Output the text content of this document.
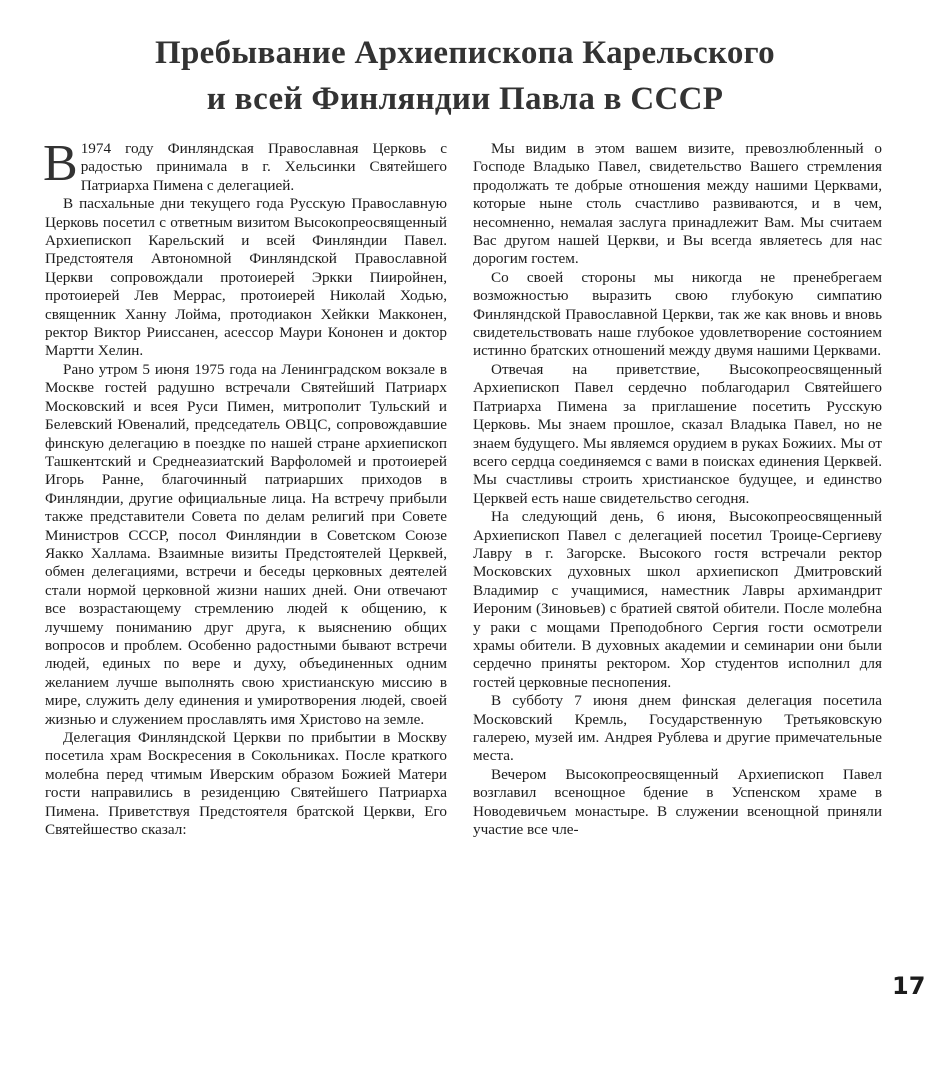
Пребывание Архиепископа Карельского
и всей Финляндии Павла в СССР

В 1974 году Финляндская Православная Церковь с радостью принимала в г. Хельсинки Святейшего Патриарха Пимена с делегацией.

В пасхальные дни текущего года Русскую Православную Церковь посетил с ответным визитом Высокопреосвященный Архиепископ Карельский и всей Финляндии Павел. Предстоятеля Автономной Финляндской Православной Церкви сопровождали протоиерей Эркки Пииройнен, протоиерей Лев Меррас, протоиерей Николай Ходью, священник Ханну Лойма, протодиакон Хейкки Макконен, ректор Виктор Рииссанен, асессор Маури Кононен и доктор Мартти Хелин.

Рано утром 5 июня 1975 года на Ленинградском вокзале в Москве гостей радушно встречали Святейший Патриарх Московский и всея Руси Пимен, митрополит Тульский и Белевский Ювеналий, председатель ОВЦС, сопровождавшие финскую делегацию в поездке по нашей стране архиепископ Ташкентский и Среднеазиатский Варфоломей и протоиерей Игорь Ранне, благочинный патриарших приходов в Финляндии, другие официальные лица. На встречу прибыли также представители Совета по делам религий при Совете Министров СССР, посол Финляндии в Советском Союзе Яакко Халлама. Взаимные визиты Предстоятелей Церквей, обмен делегациями, встречи и беседы церковных деятелей стали нормой церковной жизни наших дней. Они отвечают все возрастающему стремлению людей к общению, к лучшему пониманию друг друга, к выяснению общих вопросов и проблем. Особенно радостными бывают встречи людей, единых по вере и духу, объединенных одним желанием лучше выполнять свою христианскую миссию в мире, служить делу единения и умиротворения людей, своей жизнью и служением прославлять имя Христово на земле.

Делегация Финляндской Церкви по прибытии в Москву посетила храм Воскресения в Сокольниках. После краткого молебна перед чтимым Иверским образом Божией Матери гости направились в резиденцию Святейшего Патриарха Пимена. Приветствуя Предстоятеля братской Церкви, Его Святейшество сказал:

Мы видим в этом вашем визите, превозлюбленный о Господе Владыко Павел, свидетельство Вашего стремления продолжать те добрые отношения между нашими Церквами, которые ныне столь счастливо развиваются, и в чем, несомненно, немалая заслуга принадлежит Вам. Мы считаем Вас другом нашей Церкви, и Вы всегда являетесь для нас дорогим гостем.

Со своей стороны мы никогда не пренебрегаем возможностью выразить свою глубокую симпатию Финляндской Православной Церкви, так же как вновь и вновь свидетельствовать наше глубокое удовлетворение состоянием истинно братских отношений между двумя нашими Церквами.

Отвечая на приветствие, Высокопреосвященный Архиепископ Павел сердечно поблагодарил Святейшего Патриарха Пимена за приглашение посетить Русскую Церковь. Мы знаем прошлое, сказал Владыка Павел, но не знаем будущего. Мы являемся орудием в руках Божиих. Мы от всего сердца соединяемся с вами в поисках единения Церквей. Мы счастливы строить христианское будущее, и единство Церквей есть наше свидетельство сегодня.

На следующий день, 6 июня, Высокопреосвященный Архиепископ Павел с делегацией посетил Троице-Сергиеву Лавру в г. Загорске. Высокого гостя встречали ректор Московских духовных школ архиепископ Дмитровский Владимир с учащимися, наместник Лавры архимандрит Иероним (Зиновьев) с братией святой обители. После молебна у раки с мощами Преподобного Сергия гости осмотрели храмы обители. В духовных академии и семинарии они были сердечно приняты ректором. Хор студентов исполнил для гостей церковные песнопения.

В субботу 7 июня днем финская делегация посетила Московский Кремль, Государственную Третьяковскую галерею, музей им. Андрея Рублева и другие примечательные места.

Вечером Высокопреосвященный Архиепископ Павел возглавил всенощное бдение в Успенском храме в Новодевичьем монастыре. В служении всенощной приняли участие все чле-

17
